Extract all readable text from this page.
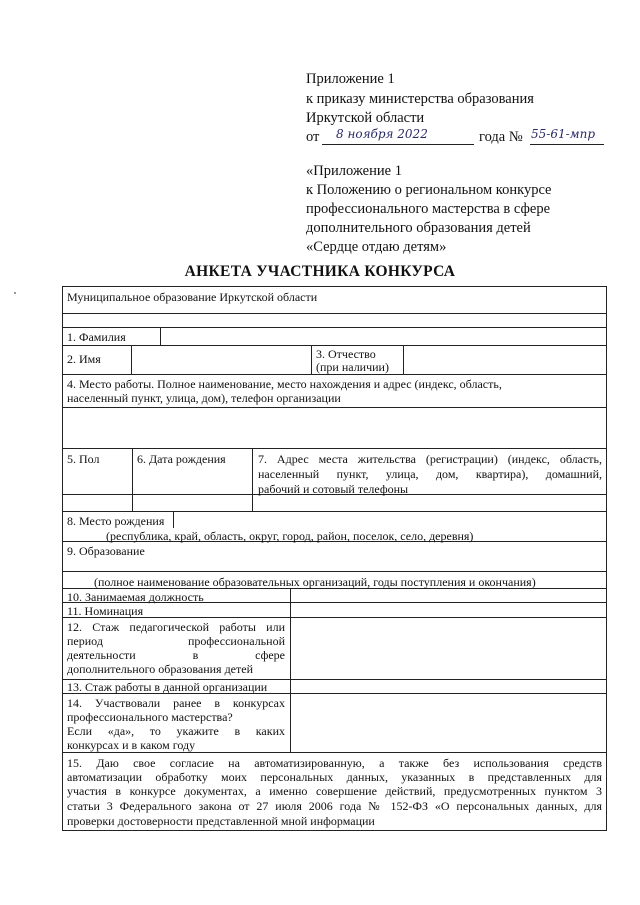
Приложение 1
к приказу министерства образования
Иркутской области
от 8 ноября 2022	года № 55-61-мпр
«Приложение 1
к Положению о региональном конкурсе
профессионального мастерства в сфере
дополнительного образования детей
«Сердце отдаю детям»
АНКЕТА УЧАСТНИКА КОНКУРСА
Муниципальное образование Иркутской области
1. Фамилия
2. Имя	3. Отчество
(при наличии)
4. Место работы. Полное наименование, место нахождения и адрес (индекс, область,
населенный пункт, улица, дом), телефон организации
5. Пол	6. Дата рождения	7. Адрес места жительства (регистрации) (индекс, область,
населенный пункт, улица, дом, квартира), домашний,
рабочий и сотовый телефоны
8. Место рождения
(республика, край, область, округ, город, район, поселок, село, деревня)
9. Образование
(полное наименование образовательных организаций, годы поступления и окончания)
10. Занимаемая должность
11. Номинация
12. Стаж педагогической работы или
период профессиональной
деятельности в сфере
дополнительного образования детей
13. Стаж работы в данной организации
14. Участвовали ранее в конкурсах
профессионального мастерства?
Если «да», то укажите в каких
конкурсах и в каком году
15. Даю свое согласие на автоматизированную, а также без использования средств
автоматизации обработку моих персональных данных, указанных в представленных для
участия в конкурсе документах, а именно совершение действий, предусмотренных пунктом 3
статьи 3 Федерального закона от 27 июля 2006 года № 152-ФЗ «О персональных данных, для
проверки достоверности представленной мной информации
